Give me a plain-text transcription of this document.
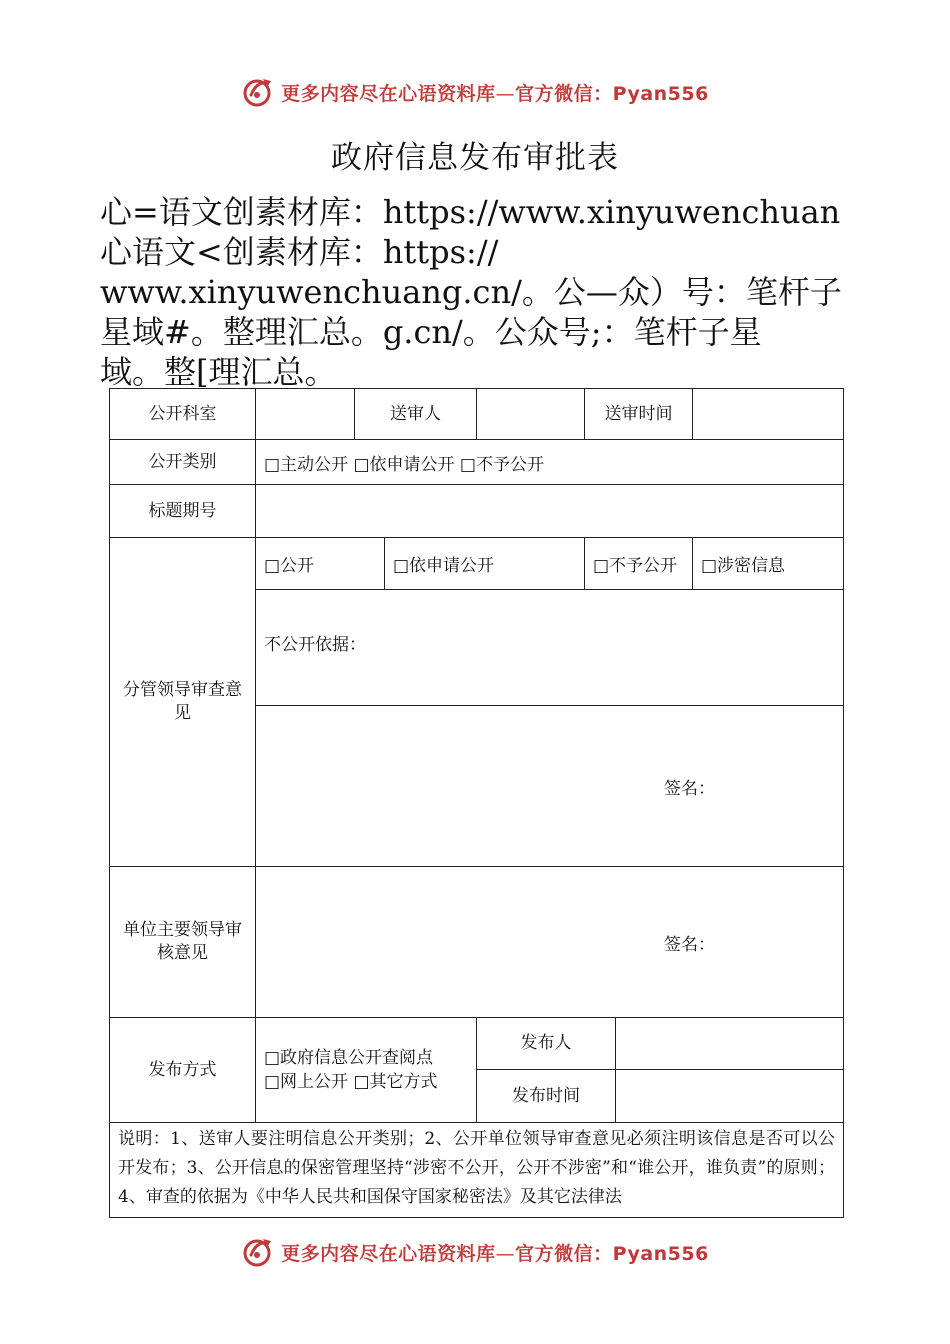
更多内容尽在心语资料库—官方微信：Pyan556
政府信息发布审批表
心=语文创素材库：https://www.xinyuwenchuan
心语文<创素材库：https://
www.xinyuwenchuang.cn/。公—众）号：笔杆子
星域#。整理汇总。g.cn/。公众号;：笔杆子星
域。整[理汇总。
公开科室		送审人			送审时间		
公开类别	□主动公开 □依申请公开 □不予公开						
标题期号							
分管领导审查意见	□公开		□依申请公开		□不予公开		□涉密信息
	不公开依据：						
	签名：						
单位主要领导审核意见	签名：						
发布方式	□政府信息公开查阅点
□网上公开 □其它方式			发布人			
				发布时间			

说明：1、送审人要注明信息公开类别；2、公开单位领导审查意见必须注明该信息是否可以公开发布；3、公开信息的保密管理坚持“涉密不公开，公开不涉密”和“谁公开，谁负责”的原则；4、审查的依据为《中华人民共和国保守国家秘密法》及其它法律法							
更多内容尽在心语资料库—官方微信：Pyan556
